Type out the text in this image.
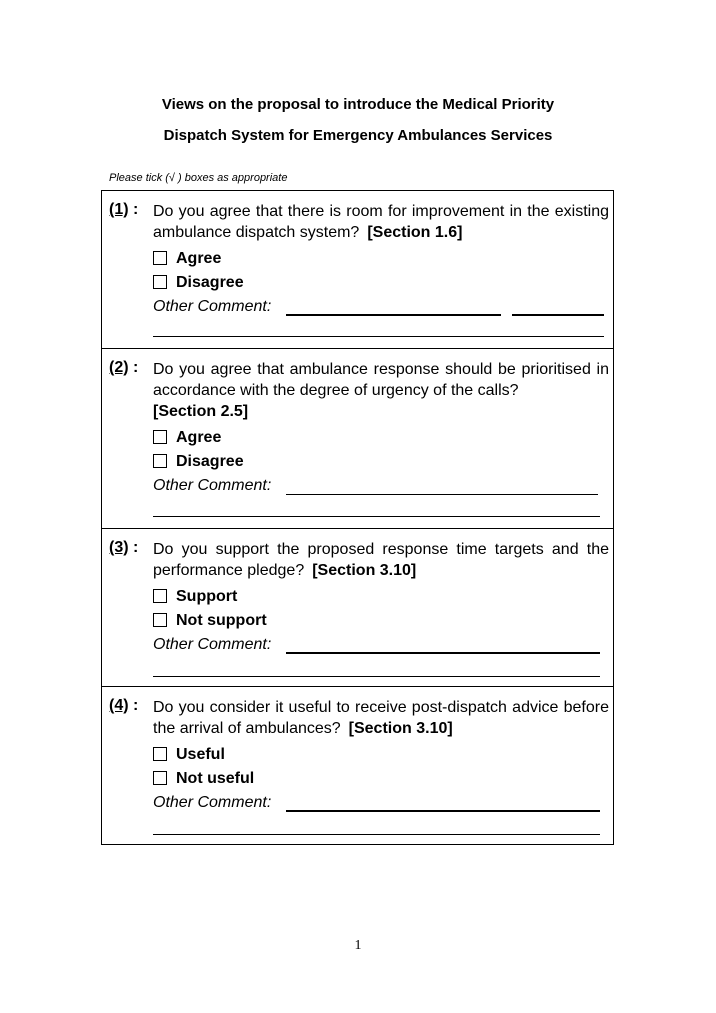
Views on the proposal to introduce the Medical Priority
Dispatch System for Emergency Ambulances Services
Please tick (√ ) boxes as appropriate
(1) : Do you agree that there is room for improvement in the existing ambulance dispatch system? [Section 1.6]
Agree
Disagree
Other Comment:
(2) : Do you agree that ambulance response should be prioritised in accordance with the degree of urgency of the calls?
[Section 2.5]
Agree
Disagree
Other Comment:
(3) : Do you support the proposed response time targets and the performance pledge? [Section 3.10]
Support
Not support
Other Comment:
(4) : Do you consider it useful to receive post-dispatch advice before the arrival of ambulances? [Section 3.10]
Useful
Not useful
Other Comment:
1
